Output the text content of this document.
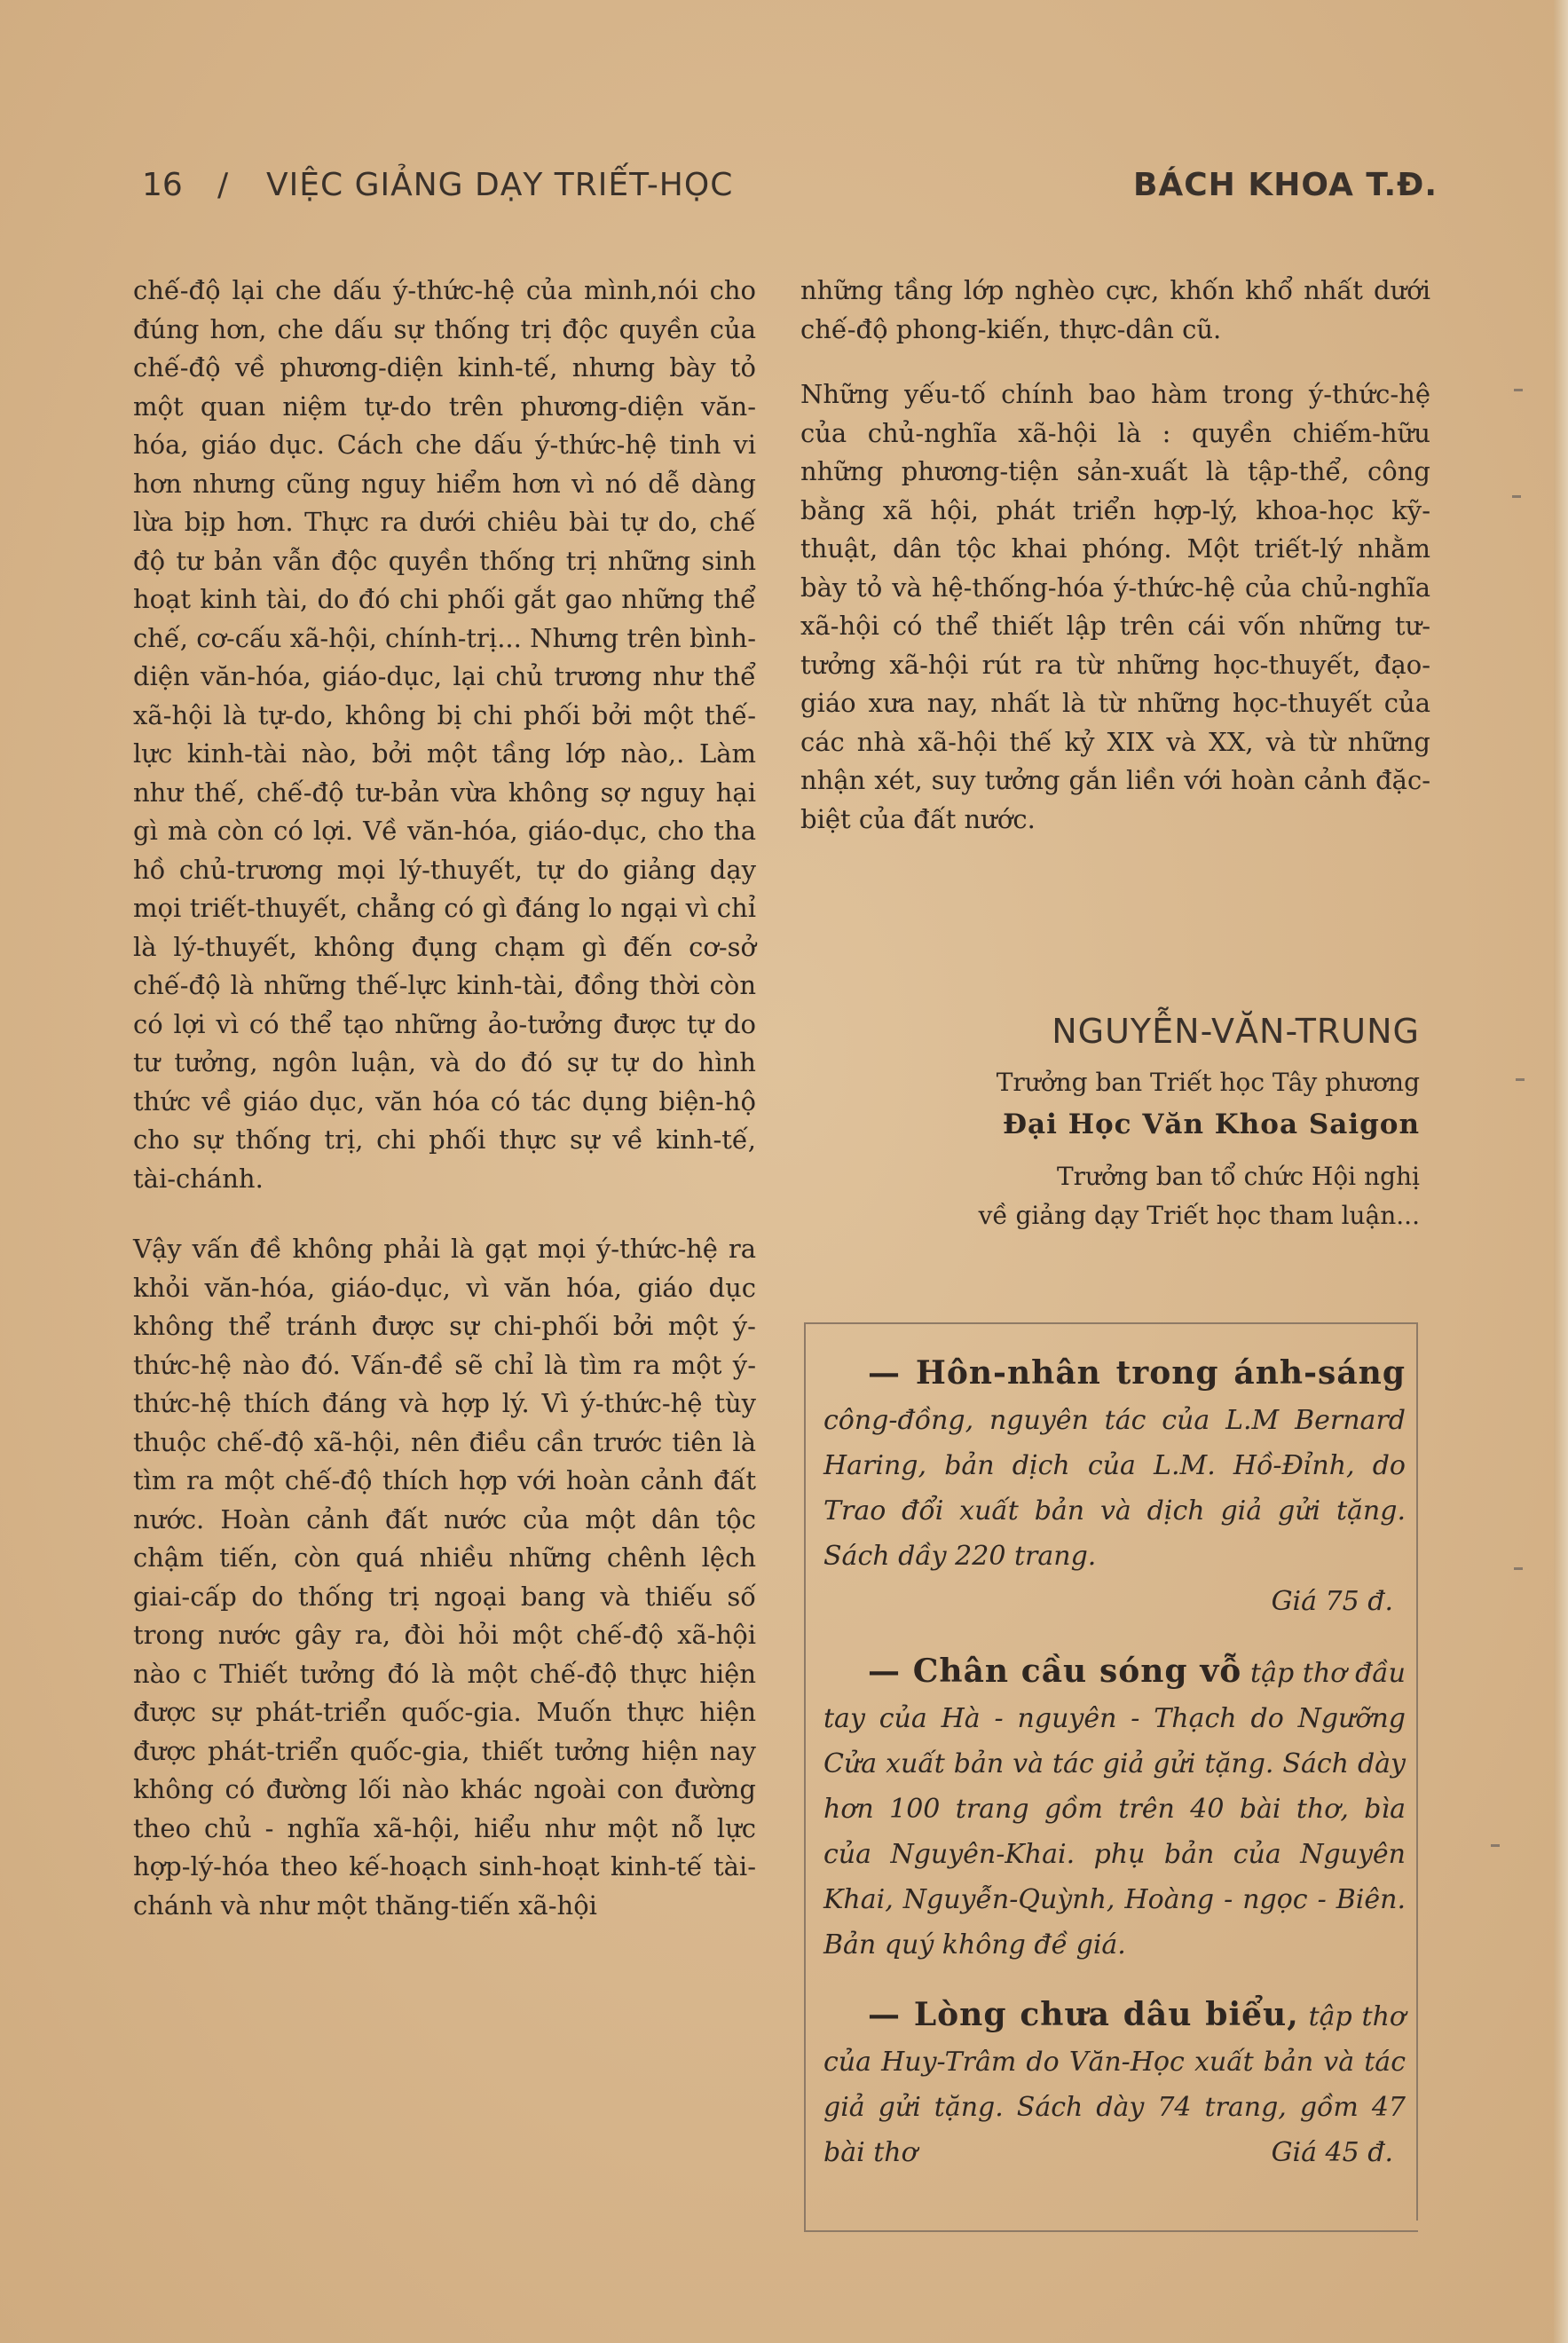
16 / VIỆC GIẢNG DẠY TRIẾT-HỌC	BÁCH KHOA T.Đ.

chế-độ lại che dấu ý-thức-hệ của mình,nói cho đúng hơn, che dấu sự thống trị độc quyền của chế-độ về phương-diện kinh-tế, nhưng bày tỏ một quan niệm tự-do trên phương-diện văn-hóa, giáo dục. Cách che dấu ý-thức-hệ tinh vi hơn nhưng cũng nguy hiểm hơn vì nó dễ dàng lừa bịp hơn. Thực ra dưới chiêu bài tự do, chế độ tư bản vẫn độc quyền thống trị những sinh hoạt kinh tài, do đó chi phối gắt gao những thể chế, cơ-cấu xã-hội, chính-trị... Nhưng trên bình-diện văn-hóa, giáo-dục, lại chủ trương như thể xã-hội là tự-do, không bị chi phối bởi một thế-lực kinh-tài nào, bởi một tầng lớp nào,. Làm như thế, chế-độ tư-bản vừa không sợ nguy hại gì mà còn có lợi. Về văn-hóa, giáo-dục, cho tha hồ chủ-trương mọi lý-thuyết, tự do giảng dạy mọi triết-thuyết, chẳng có gì đáng lo ngại vì chỉ là lý-thuyết, không đụng chạm gì đến cơ-sở chế-độ là những thế-lực kinh-tài, đồng thời còn có lợi vì có thể tạo những ảo-tưởng được tự do tư tưởng, ngôn luận, và do đó sự tự do hình thức về giáo dục, văn hóa có tác dụng biện-hộ cho sự thống trị, chi phối thực sự về kinh-tế, tài-chánh.

Vậy vấn đề không phải là gạt mọi ý-thức-hệ ra khỏi văn-hóa, giáo-dục, vì văn hóa, giáo dục không thể tránh được sự chi-phối bởi một ý-thức-hệ nào đó. Vấn-đề sẽ chỉ là tìm ra một ý-thức-hệ thích đáng và hợp lý. Vì ý-thức-hệ tùy thuộc chế-độ xã-hội, nên điều cần trước tiên là tìm ra một chế-độ thích hợp với hoàn cảnh đất nước. Hoàn cảnh đất nước của một dân tộc chậm tiến, còn quá nhiều những chênh lệch giai-cấp do thống trị ngoại bang và thiếu số trong nước gây ra, đòi hỏi một chế-độ xã-hội nào c Thiết tưởng đó là một chế-độ thực hiện được sự phát-triển quốc-gia. Muốn thực hiện được phát-triển quốc-gia, thiết tưởng hiện nay không có đường lối nào khác ngoài con đường theo chủ - nghĩa xã-hội, hiểu như một nỗ lực hợp-lý-hóa theo kế-hoạch sinh-hoạt kinh-tế tài-chánh và như một thăng-tiến xã-hội

những tầng lớp nghèo cực, khốn khổ nhất dưới chế-độ phong-kiến, thực-dân cũ.

Những yếu-tố chính bao hàm trong ý-thức-hệ của chủ-nghĩa xã-hội là : quyền chiếm-hữu những phương-tiện sản-xuất là tập-thể, công bằng xã hội, phát triển hợp-lý, khoa-học kỹ-thuật, dân tộc khai phóng. Một triết-lý nhằm bày tỏ và hệ-thống-hóa ý-thức-hệ của chủ-nghĩa xã-hội có thể thiết lập trên cái vốn những tư-tưởng xã-hội rút ra từ những học-thuyết, đạo-giáo xưa nay, nhất là từ những học-thuyết của các nhà xã-hội thế kỷ XIX và XX, và từ những nhận xét, suy tưởng gắn liền với hoàn cảnh đặc- biệt của đất nước.

NGUYỄN-VĂN-TRUNG
Trưởng ban Triết học Tây phương
Đại Học Văn Khoa Saigon
Trưởng ban tổ chức Hội nghị
về giảng dạy Triết học tham luận...

— Hôn-nhân trong ánh-sáng công-đồng, nguyên tác của L.M Bernard Haring, bản dịch của L.M. Hồ-Đỉnh, do Trao đổi xuất bản và dịch giả gửi tặng. Sách dầy 220 trang.
Giá 75 đ.

— Chân cầu sóng vỗ tập thơ đầu tay của Hà - nguyên - Thạch do Ngưỡng Cửa xuất bản và tác giả gửi tặng. Sách dày hơn 100 trang gồm trên 40 bài thơ, bìa của Nguyên-Khai. phụ bản của Nguyên Khai, Nguyễn-Quỳnh, Hoàng - ngọc - Biên. Bản quý không đề giá.

— Lòng chưa dâu biểu, tập thơ của Huy-Trâm do Văn-Học xuất bản và tác giả gửi tặng. Sách dày 74 trang, gồm 47 bài thơ	Giá 45 đ.
